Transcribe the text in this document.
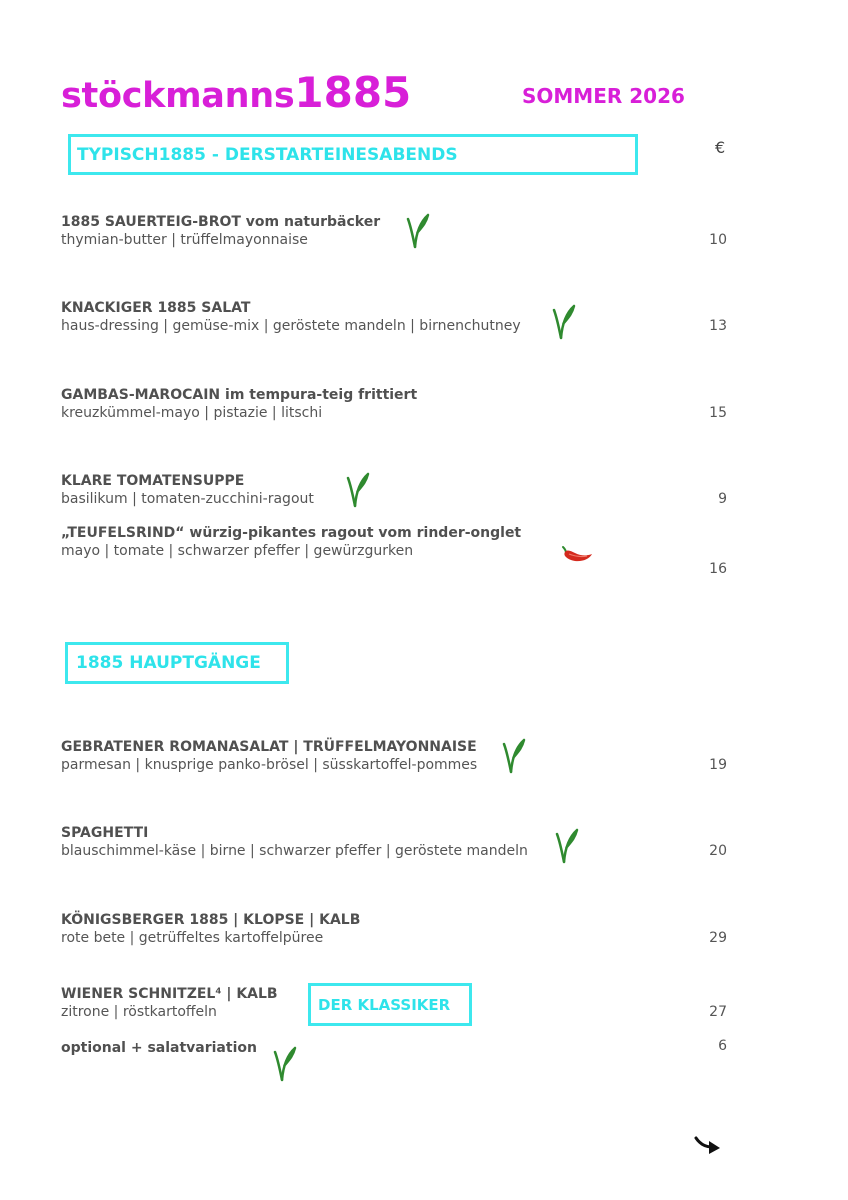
stöckmanns1885	SOMMER 2026
TYPISCH1885 - DERSTARTEINESABENDS	€
1885 SAUERTEIG-BROT vom naturbäcker
thymian-butter | trüffelmayonnaise	10
KNACKIGER 1885 SALAT
haus-dressing | gemüse-mix | geröstete mandeln | birnenchutney	13
GAMBAS-MAROCAIN im tempura-teig frittiert
kreuzkümmel-mayo | pistazie | litschi	15
KLARE TOMATENSUPPE
basilikum | tomaten-zucchini-ragout	9
„TEUFELSRIND“ würzig-pikantes ragout vom rinder-onglet
mayo | tomate | schwarzer pfeffer | gewürzgurken
16
1885 HAUPTGÄNGE
GEBRATENER ROMANASALAT | TRÜFFELMAYONNAISE
parmesan | knusprige panko-brösel | süsskartoffel-pommes	19
SPAGHETTI
blauschimmel-käse | birne | schwarzer pfeffer | geröstete mandeln	20
KÖNIGSBERGER 1885 | KLOPSE | KALB
rote bete | getrüffeltes kartoffelpüree	29
WIENER SCHNITZEL⁴ | KALB
zitrone | röstkartoffeln	27
DER KLASSIKER
optional + salatvariation	6
